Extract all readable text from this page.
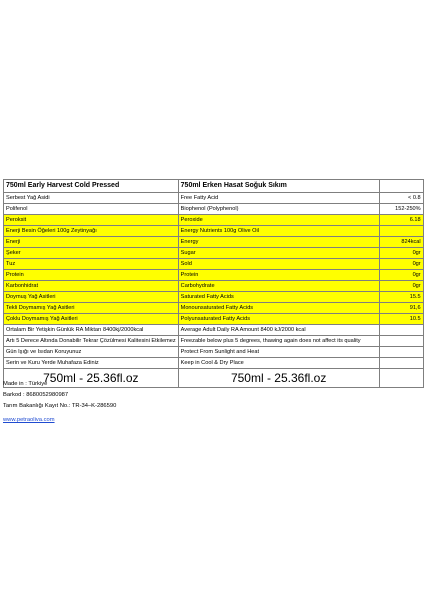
750ml Early Harvest Cold Pressed	750ml Erken Hasat Soğuk Sıkım	
Serbest Yağ Asidi	Free Fatty Acid	< 0.8
Polifenol	Biophenol (Polyphenol)	152-250%
Peroksit	Peroxide	6.18
Enerji Besin Öğeleri 100g Zeytinyağı	Energy Nutrients 100g Olive Oil	
Enerji	Energy	824kcal
Şeker	Sugar	0gr
Tuz	Sold	0gr
Protein	Protein	0gr
Karbonhidrat	Carbohydrate	0gr
Doymuş Yağ Asitleri	Saturated Fatty Acids	15.5
Tekli Doymamış Yağ Asitleri	Monounsaturated Fatty Acids	91,6
Çoklu Doymamış Yağ Asitleri	Polyunsaturated Fatty Acids	10.5
Ortalam Bir Yetişkin Günlük RA Miktarı 8400kj/2000kcal	Average Adult Daily RA Amount 8400 kJ/2000 kcal	
Artı 5 Derece Altında Donabilir Tekrar Çözülmesi Kalitesini Etkilemez	Freezable below plus 5 degrees, thawing again does not affect its quality	
Gün Işığı ve Isıdan Koruyunuz	Protect From Sunlight and Heat	
Serin ve Kuru Yerde Muhafaza Ediniz	Keep in Cool & Dry Place	
750ml - 25.36fl.oz	750ml - 25.36fl.oz	
Made in : Türkiye
Barkod : 8680052980987
Tarım Bakanlığı Kayıt No.: TR-34–K-286590
www.petraoliva.com
